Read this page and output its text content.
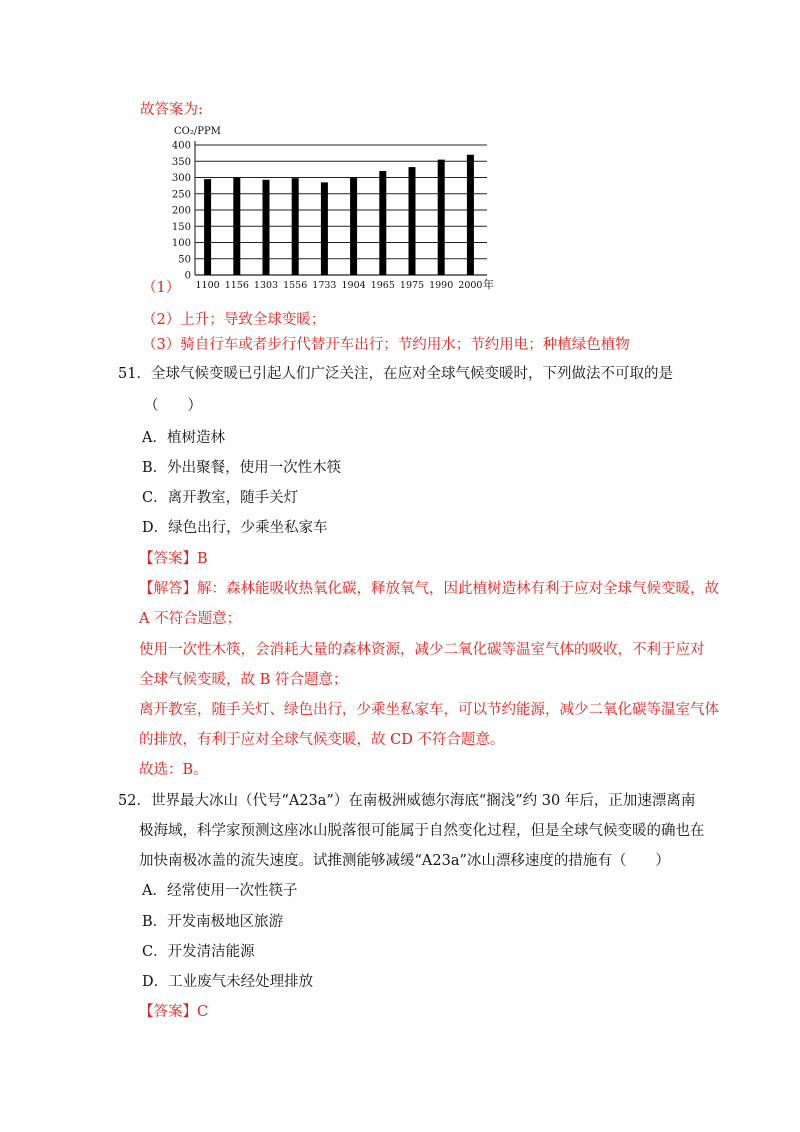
故答案为:
0
50
100
150
200
250
300
350
400
1100 1156 1303 1556 1733 1904 1965 1975 1990 2000
CO₂/PPM
年
（1）
（2）上升；导致全球变暖；
（3）骑自行车或者步行代替开车出行；节约用水；节约用电；种植绿色植物
51．全球气候变暖已引起人们广泛关注，在应对全球气候变暖时，下列做法不可取的是
（　　）
A．植树造林
B．外出聚餐，使用一次性木筷
C．离开教室，随手关灯
D．绿色出行，少乘坐私家车
【答案】B
【解答】解：森林能吸收热氧化碳，释放氧气，因此植树造林有利于应对全球气候变暖，故
A 不符合题意；
使用一次性木筷，会消耗大量的森林资源，减少二氧化碳等温室气体的吸收，不利于应对
全球气候变暖，故 B 符合题意；
离开教室，随手关灯、绿色出行，少乘坐私家车，可以节约能源，减少二氧化碳等温室气体
的排放，有利于应对全球气候变暖，故 CD 不符合题意。
故选：B。
52．世界最大冰山（代号“A23a”）在南极洲威德尔海底“搁浅”约 30 年后，正加速漂离南
极海域，科学家预测这座冰山脱落很可能属于自然变化过程，但是全球气候变暖的确也在
加快南极冰盖的流失速度。试推测能够减缓“A23a”冰山漂移速度的措施有（　　）
A．经常使用一次性筷子
B．开发南极地区旅游
C．开发清洁能源
D．工业废气未经处理排放
【答案】C
